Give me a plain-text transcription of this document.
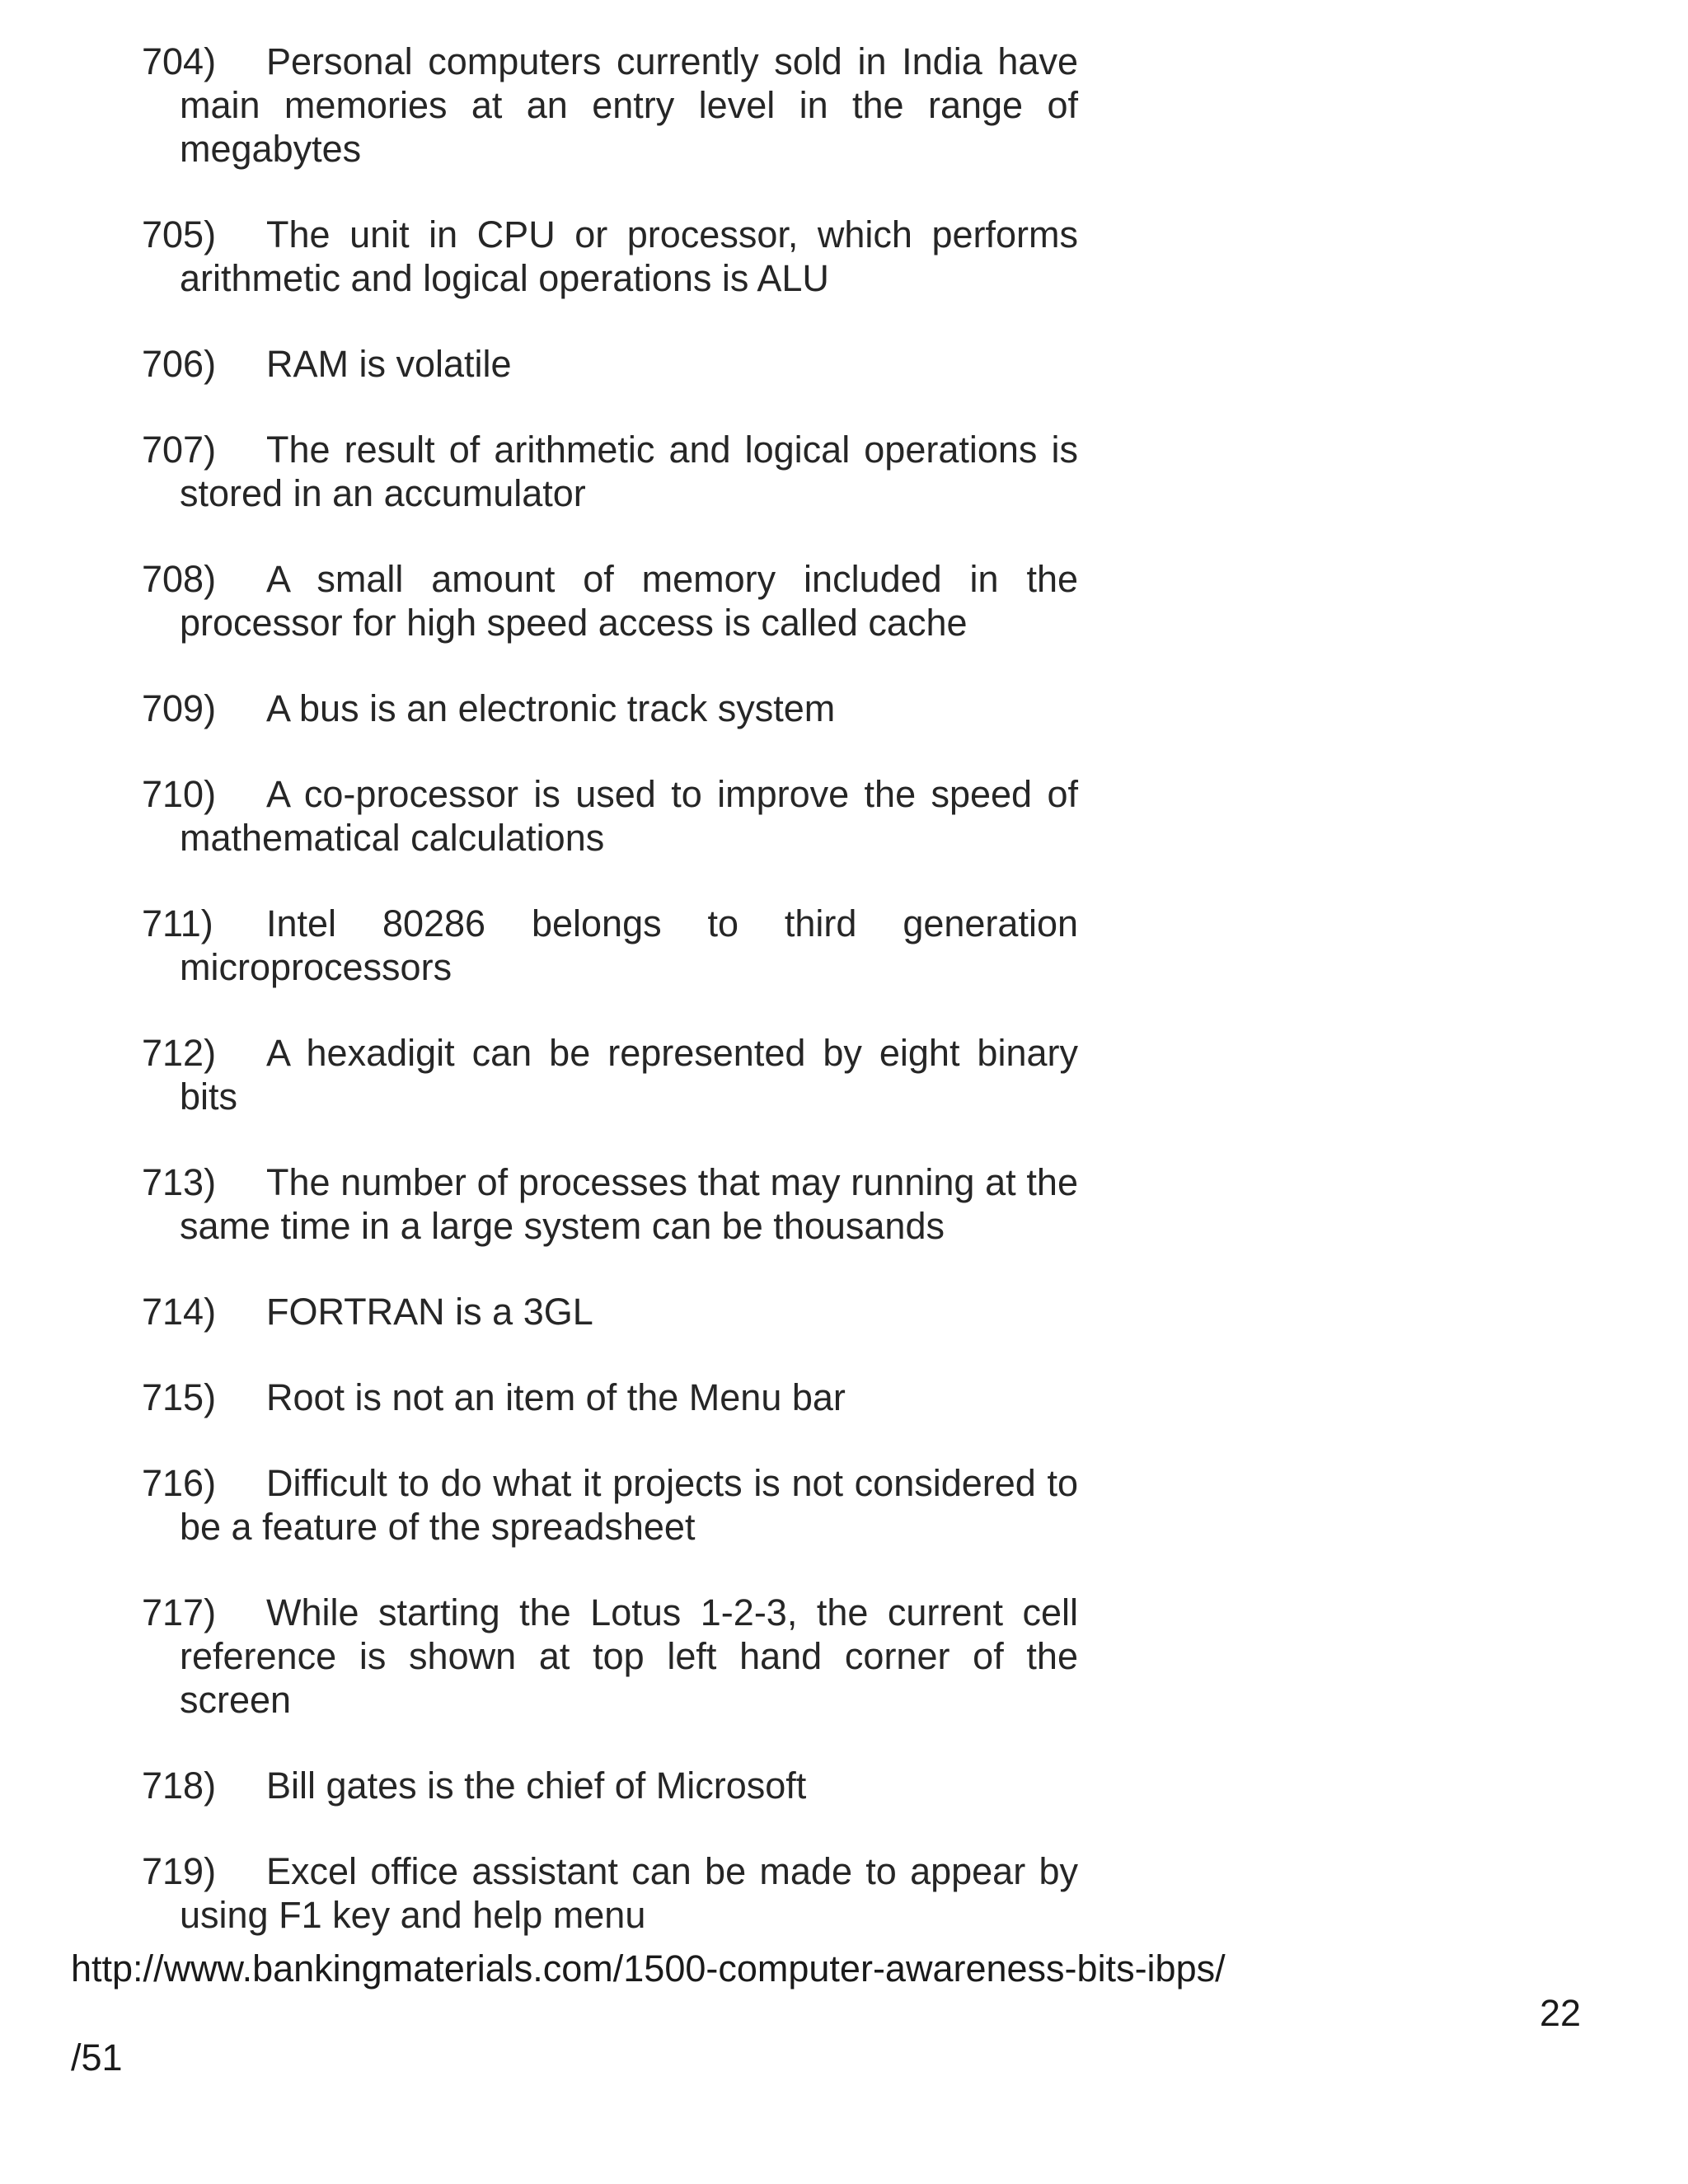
704)	Personal computers currently sold in India have main memories at an entry level in the range of megabytes
705)	The unit in CPU or processor, which performs arithmetic and logical operations is ALU
706)	RAM is volatile
707)	The result of arithmetic and logical operations is stored in an accumulator
708)	A small amount of memory included in the processor for high speed access is called cache
709)	A bus is an electronic track system
710)	A co-processor is used to improve the speed of mathematical calculations
711)	Intel 80286 belongs to third generation microprocessors
712)	A hexadigit can be represented by eight binary bits
713)	The number of processes that may running at the same time in a large system can be thousands
714)	FORTRAN is a 3GL
715)	Root is not an item of the Menu bar
716)	Difficult to do what it projects is not considered to be a feature of the spreadsheet
717)	While starting the Lotus 1-2-3, the current cell reference is shown at top left hand corner of the screen
718)	Bill gates is the chief of Microsoft
719)	Excel office assistant can be made to appear by using F1 key and help menu
http://www.bankingmaterials.com/1500-computer-awareness-bits-ibps/
22
/51
